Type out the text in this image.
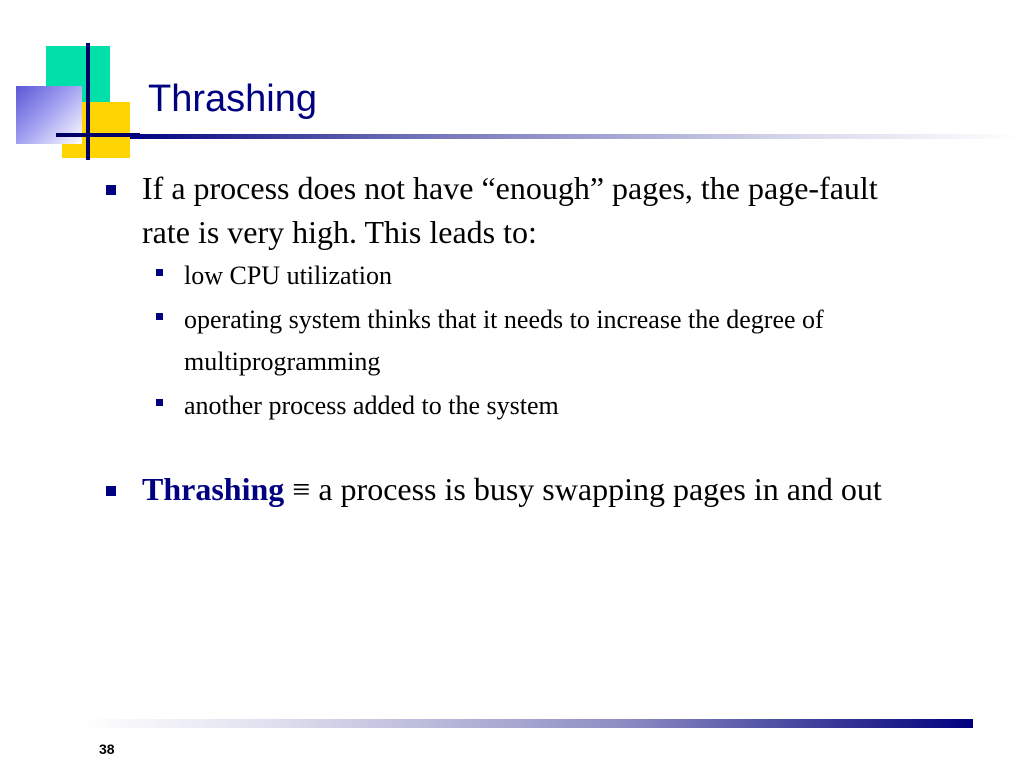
Thrashing
If a process does not have “enough” pages, the page-fault rate is very high. This leads to:
low CPU utilization
operating system thinks that it needs to increase the degree of multiprogramming
another process added to the system
Thrashing ≡ a process is busy swapping pages in and out
38
